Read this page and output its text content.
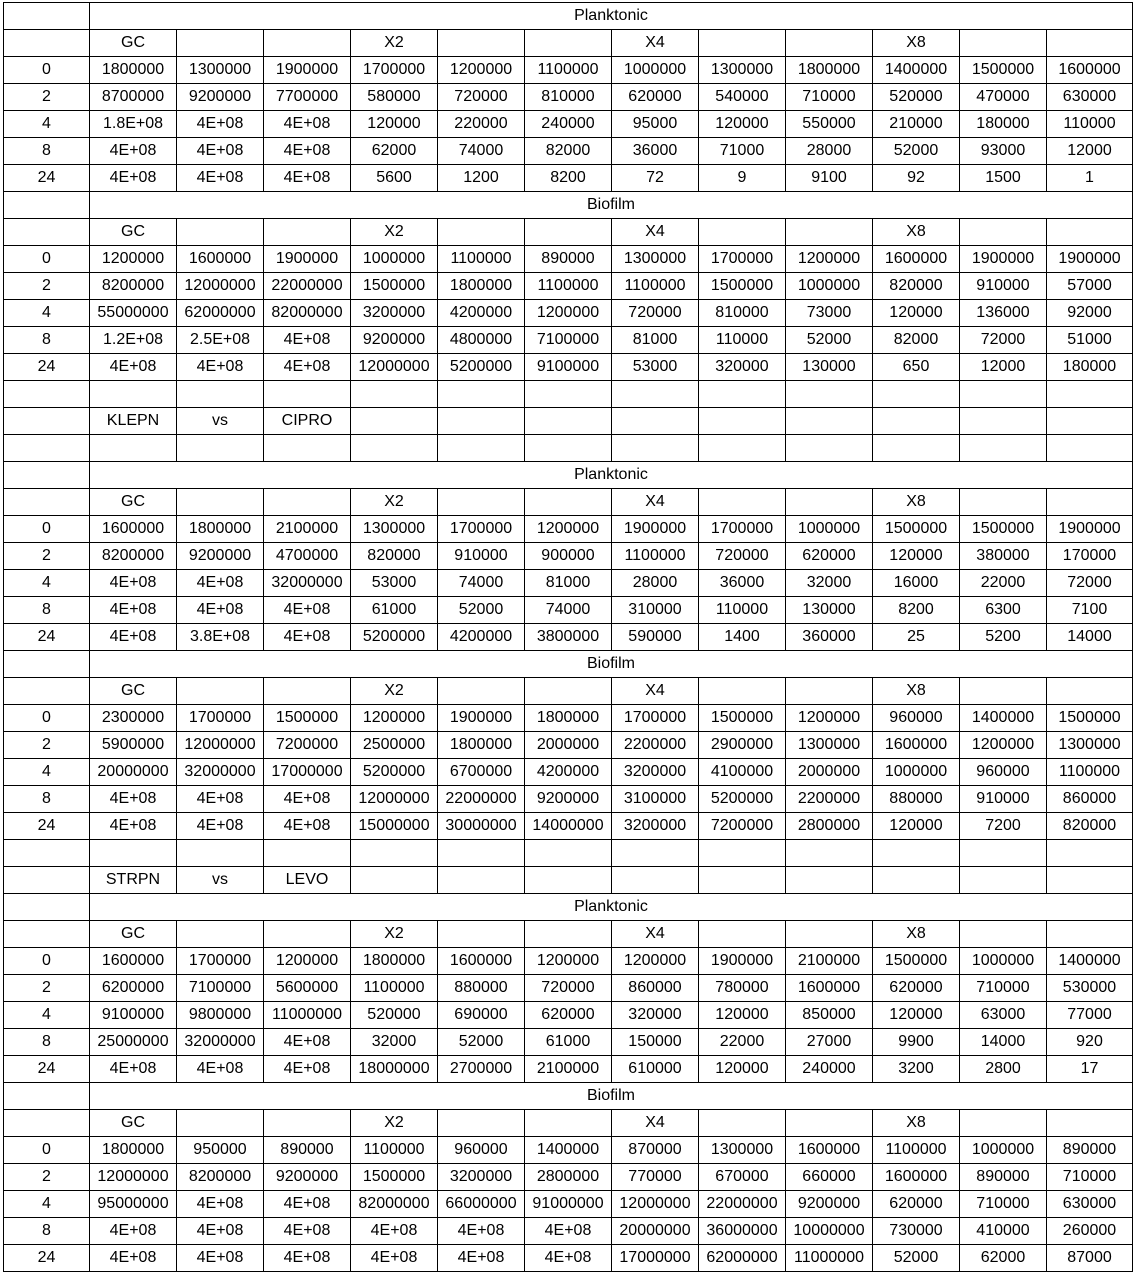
	Planktonic											
	GC			X2			X4			X8		
0	1800000	1300000	1900000	1700000	1200000	1100000	1000000	1300000	1800000	1400000	1500000	1600000
2	8700000	9200000	7700000	580000	720000	810000	620000	540000	710000	520000	470000	630000
4	1.8E+08	4E+08	4E+08	120000	220000	240000	95000	120000	550000	210000	180000	110000
8	4E+08	4E+08	4E+08	62000	74000	82000	36000	71000	28000	52000	93000	12000
24	4E+08	4E+08	4E+08	5600	1200	8200	72	9	9100	92	1500	1
	Biofilm											
	GC			X2			X4			X8		
0	1200000	1600000	1900000	1000000	1100000	890000	1300000	1700000	1200000	1600000	1900000	1900000
2	8200000	12000000	22000000	1500000	1800000	1100000	1100000	1500000	1000000	820000	910000	57000
4	55000000	62000000	82000000	3200000	4200000	1200000	720000	810000	73000	120000	136000	92000
8	1.2E+08	2.5E+08	4E+08	9200000	4800000	7100000	81000	110000	52000	82000	72000	51000
24	4E+08	4E+08	4E+08	12000000	5200000	9100000	53000	320000	130000	650	12000	180000

	KLEPN	vs	CIPRO									

	Planktonic											
	GC			X2			X4			X8		
0	1600000	1800000	2100000	1300000	1700000	1200000	1900000	1700000	1000000	1500000	1500000	1900000
2	8200000	9200000	4700000	820000	910000	900000	1100000	720000	620000	120000	380000	170000
4	4E+08	4E+08	32000000	53000	74000	81000	28000	36000	32000	16000	22000	72000
8	4E+08	4E+08	4E+08	61000	52000	74000	310000	110000	130000	8200	6300	7100
24	4E+08	3.8E+08	4E+08	5200000	4200000	3800000	590000	1400	360000	25	5200	14000
	Biofilm											
	GC			X2			X4			X8		
0	2300000	1700000	1500000	1200000	1900000	1800000	1700000	1500000	1200000	960000	1400000	1500000
2	5900000	12000000	7200000	2500000	1800000	2000000	2200000	2900000	1300000	1600000	1200000	1300000
4	20000000	32000000	17000000	5200000	6700000	4200000	3200000	4100000	2000000	1000000	960000	1100000
8	4E+08	4E+08	4E+08	12000000	22000000	9200000	3100000	5200000	2200000	880000	910000	860000
24	4E+08	4E+08	4E+08	15000000	30000000	14000000	3200000	7200000	2800000	120000	7200	820000

	STRPN	vs	LEVO									
	Planktonic											
	GC			X2			X4			X8		
0	1600000	1700000	1200000	1800000	1600000	1200000	1200000	1900000	2100000	1500000	1000000	1400000
2	6200000	7100000	5600000	1100000	880000	720000	860000	780000	1600000	620000	710000	530000
4	9100000	9800000	11000000	520000	690000	620000	320000	120000	850000	120000	63000	77000
8	25000000	32000000	4E+08	32000	52000	61000	150000	22000	27000	9900	14000	920
24	4E+08	4E+08	4E+08	18000000	2700000	2100000	610000	120000	240000	3200	2800	17
	Biofilm											
	GC			X2			X4			X8		
0	1800000	950000	890000	1100000	960000	1400000	870000	1300000	1600000	1100000	1000000	890000
2	12000000	8200000	9200000	1500000	3200000	2800000	770000	670000	660000	1600000	890000	710000
4	95000000	4E+08	4E+08	82000000	66000000	91000000	12000000	22000000	9200000	620000	710000	630000
8	4E+08	4E+08	4E+08	4E+08	4E+08	4E+08	20000000	36000000	10000000	730000	410000	260000
24	4E+08	4E+08	4E+08	4E+08	4E+08	4E+08	17000000	62000000	11000000	52000	62000	87000
